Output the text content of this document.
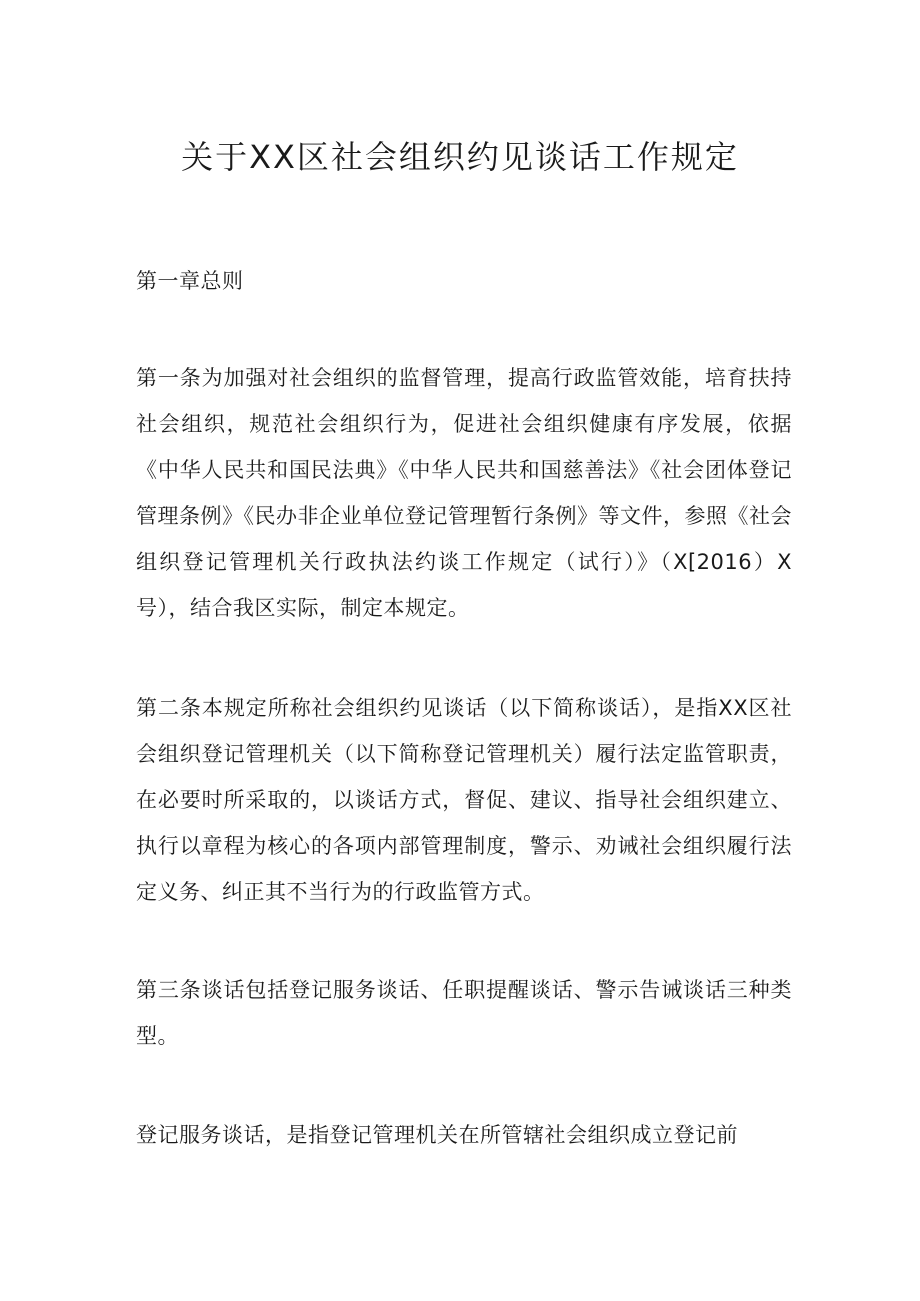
关于XX区社会组织约见谈话工作规定

第一章总则

第一条为加强对社会组织的监督管理，提高行政监管效能，培育扶持社会组织，规范社会组织行为，促进社会组织健康有序发展，依据《中华人民共和国民法典》《中华人民共和国慈善法》《社会团体登记管理条例》《民办非企业单位登记管理暂行条例》等文件，参照《社会组织登记管理机关行政执法约谈工作规定（试行）》（X[2016）X号），结合我区实际，制定本规定。

第二条本规定所称社会组织约见谈话（以下简称谈话），是指XX区社会组织登记管理机关（以下简称登记管理机关）履行法定监管职责，在必要时所采取的，以谈话方式，督促、建议、指导社会组织建立、执行以章程为核心的各项内部管理制度，警示、劝诫社会组织履行法定义务、纠正其不当行为的行政监管方式。

第三条谈话包括登记服务谈话、任职提醒谈话、警示告诫谈话三种类型。

登记服务谈话，是指登记管理机关在所管辖社会组织成立登记前
